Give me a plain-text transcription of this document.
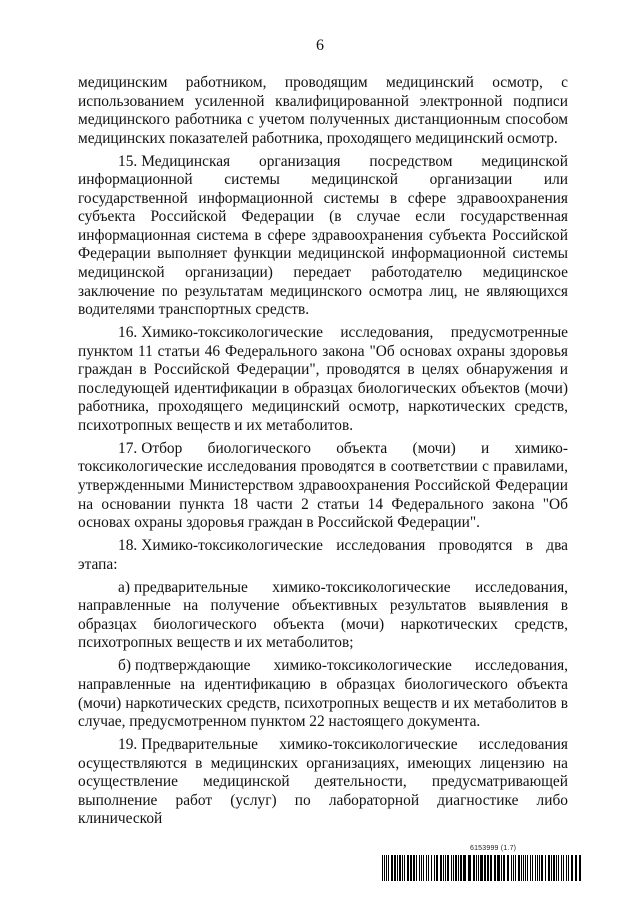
6

медицинским работником, проводящим медицинский осмотр, с использованием усиленной квалифицированной электронной подписи медицинского работника с учетом полученных дистанционным способом медицинских показателей работника, проходящего медицинский осмотр.

15. Медицинская организация посредством медицинской информационной системы медицинской организации или государственной информационной системы в сфере здравоохранения субъекта Российской Федерации (в случае если государственная информационная система в сфере здравоохранения субъекта Российской Федерации выполняет функции медицинской информационной системы медицинской организации) передает работодателю медицинское заключение по результатам медицинского осмотра лиц, не являющихся водителями транспортных средств.

16. Химико-токсикологические исследования, предусмотренные пунктом 11 статьи 46 Федерального закона "Об основах охраны здоровья граждан в Российской Федерации", проводятся в целях обнаружения и последующей идентификации в образцах биологических объектов (мочи) работника, проходящего медицинский осмотр, наркотических средств, психотропных веществ и их метаболитов.

17. Отбор биологического объекта (мочи) и химико-токсикологические исследования проводятся в соответствии с правилами, утвержденными Министерством здравоохранения Российской Федерации на основании пункта 18 части 2 статьи 14 Федерального закона "Об основах охраны здоровья граждан в Российской Федерации".

18. Химико-токсикологические исследования проводятся в два этапа:

а) предварительные химико-токсикологические исследования, направленные на получение объективных результатов выявления в образцах биологического объекта (мочи) наркотических средств, психотропных веществ и их метаболитов;

б) подтверждающие химико-токсикологические исследования, направленные на идентификацию в образцах биологического объекта (мочи) наркотических средств, психотропных веществ и их метаболитов в случае, предусмотренном пунктом 22 настоящего документа.

19. Предварительные химико-токсикологические исследования осуществляются в медицинских организациях, имеющих лицензию на осуществление медицинской деятельности, предусматривающей выполнение работ (услуг) по лабораторной диагностике либо клинической

6153999 (1.7)
